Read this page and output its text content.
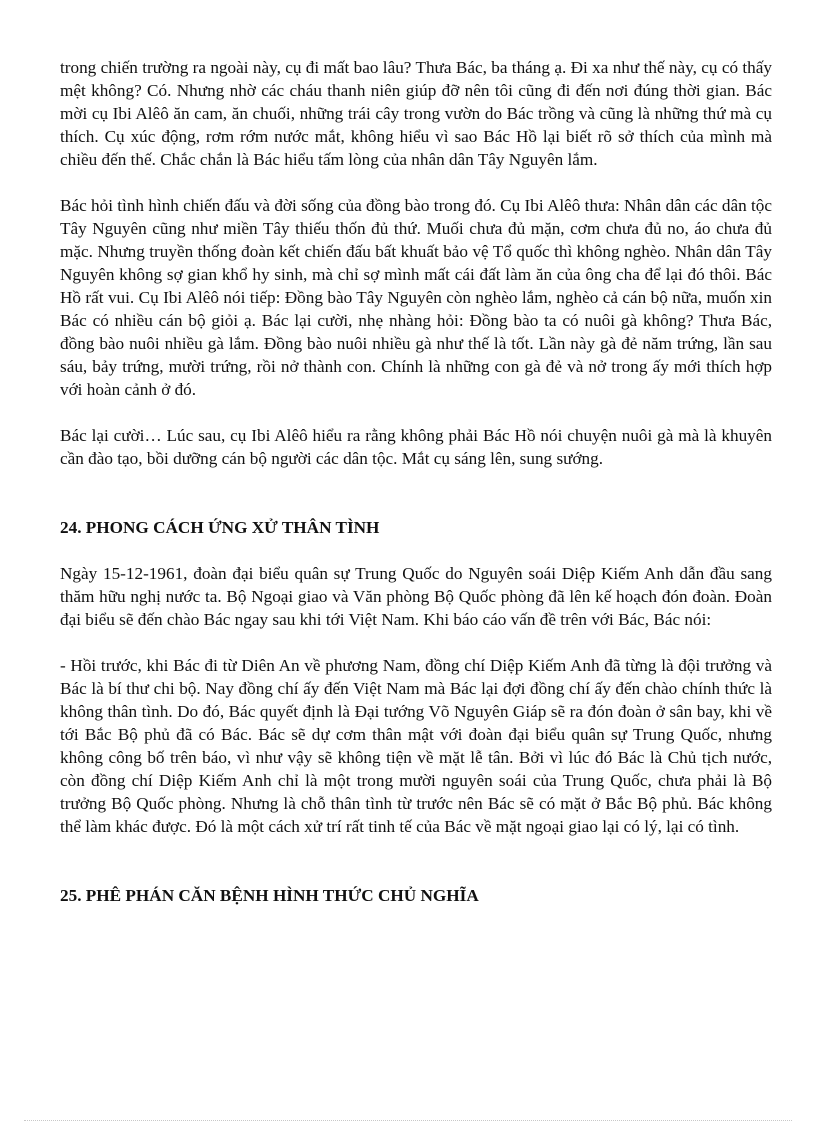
trong chiến trường ra ngoài này, cụ đi mất bao lâu? Thưa Bác, ba tháng ạ. Đi xa như thế này, cụ có thấy mệt không? Có. Nhưng nhờ các cháu thanh niên giúp đỡ nên tôi cũng đi đến nơi đúng thời gian. Bác mời cụ Ibi Alêô ăn cam, ăn chuối, những trái cây trong vườn do Bác trồng và cũng là những thứ mà cụ thích. Cụ xúc động, rơm rớm nước mắt, không hiểu vì sao Bác Hồ lại biết rõ sở thích của mình mà chiều đến thế. Chắc chắn là Bác hiểu tấm lòng của nhân dân Tây Nguyên lắm.

Bác hỏi tình hình chiến đấu và đời sống của đồng bào trong đó. Cụ Ibi Alêô thưa: Nhân dân các dân tộc Tây Nguyên cũng như miền Tây thiếu thốn đủ thứ. Muối chưa đủ mặn, cơm chưa đủ no, áo chưa đủ mặc. Nhưng truyền thống đoàn kết chiến đấu bất khuất bảo vệ Tổ quốc thì không nghèo. Nhân dân Tây Nguyên không sợ gian khổ hy sinh, mà chỉ sợ mình mất cái đất làm ăn của ông cha để lại đó thôi. Bác Hồ rất vui. Cụ Ibi Alêô nói tiếp: Đồng bào Tây Nguyên còn nghèo lắm, nghèo cả cán bộ nữa, muốn xin Bác có nhiều cán bộ giỏi ạ. Bác lại cười, nhẹ nhàng hỏi: Đồng bào ta có nuôi gà không? Thưa Bác, đồng bào nuôi nhiều gà lắm. Đồng bào nuôi nhiều gà như thế là tốt. Lần này gà đẻ năm trứng, lần sau sáu, bảy trứng, mười trứng, rồi nở thành con. Chính là những con gà đẻ và nở trong ấy mới thích hợp với hoàn cảnh ở đó.

Bác lại cười… Lúc sau, cụ Ibi Alêô hiểu ra rằng không phải Bác Hồ nói chuyện nuôi gà mà là khuyên cần đào tạo, bồi dưỡng cán bộ người các dân tộc. Mắt cụ sáng lên, sung sướng.

24. PHONG CÁCH ỨNG XỬ THÂN TÌNH

Ngày 15-12-1961, đoàn đại biểu quân sự Trung Quốc do Nguyên soái Diệp Kiếm Anh dẫn đầu sang thăm hữu nghị nước ta. Bộ Ngoại giao và Văn phòng Bộ Quốc phòng đã lên kế hoạch đón đoàn. Đoàn đại biểu sẽ đến chào Bác ngay sau khi tới Việt Nam. Khi báo cáo vấn đề trên với Bác, Bác nói:

- Hồi trước, khi Bác đi từ Diên An về phương Nam, đồng chí Diệp Kiếm Anh đã từng là đội trưởng và Bác là bí thư chi bộ. Nay đồng chí ấy đến Việt Nam mà Bác lại đợi đồng chí ấy đến chào chính thức là không thân tình. Do đó, Bác quyết định là Đại tướng Võ Nguyên Giáp sẽ ra đón đoàn ở sân bay, khi về tới Bắc Bộ phủ đã có Bác. Bác sẽ dự cơm thân mật với đoàn đại biểu quân sự Trung Quốc, nhưng không công bố trên báo, vì như vậy sẽ không tiện về mặt lễ tân. Bởi vì lúc đó Bác là Chủ tịch nước, còn đồng chí Diệp Kiếm Anh chỉ là một trong mười nguyên soái của Trung Quốc, chưa phải là Bộ trưởng Bộ Quốc phòng. Nhưng là chỗ thân tình từ trước nên Bác sẽ có mặt ở Bắc Bộ phủ. Bác không thể làm khác được. Đó là một cách xử trí rất tinh tế của Bác về mặt ngoại giao lại có lý, lại có tình.

25. PHÊ PHÁN CĂN BỆNH HÌNH THỨC CHỦ NGHĨA
